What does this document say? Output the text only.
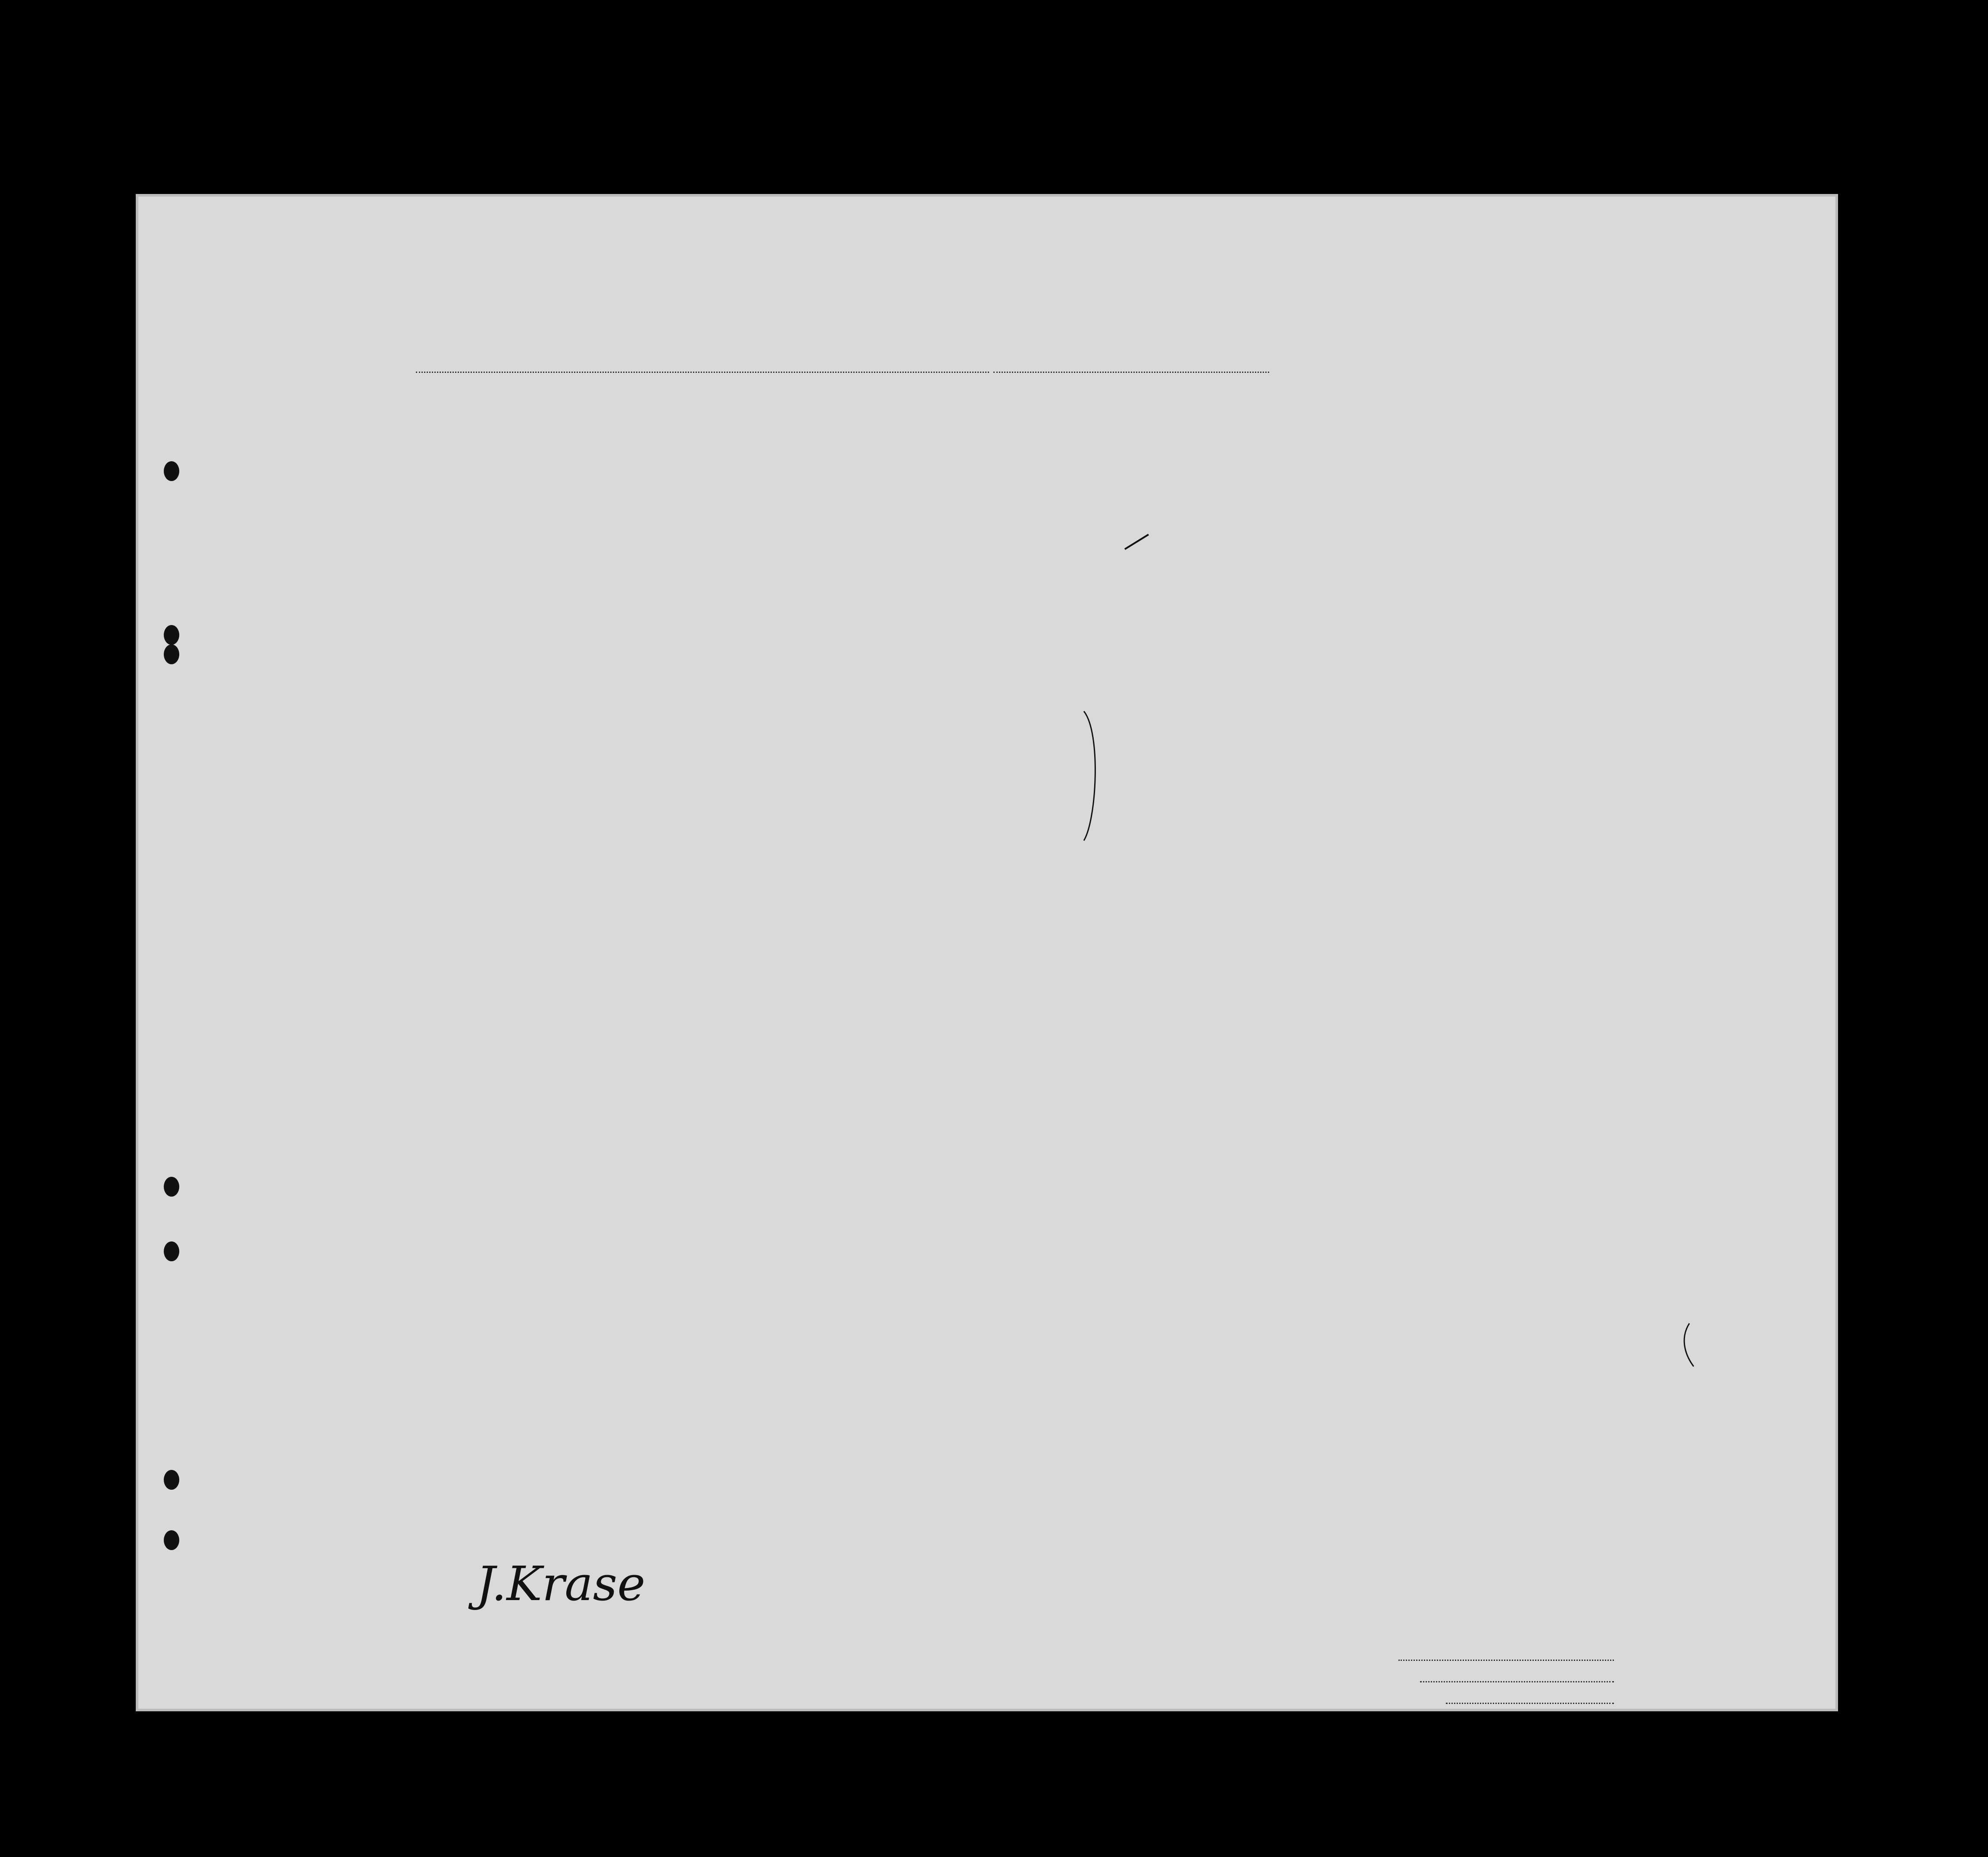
J.Krase
